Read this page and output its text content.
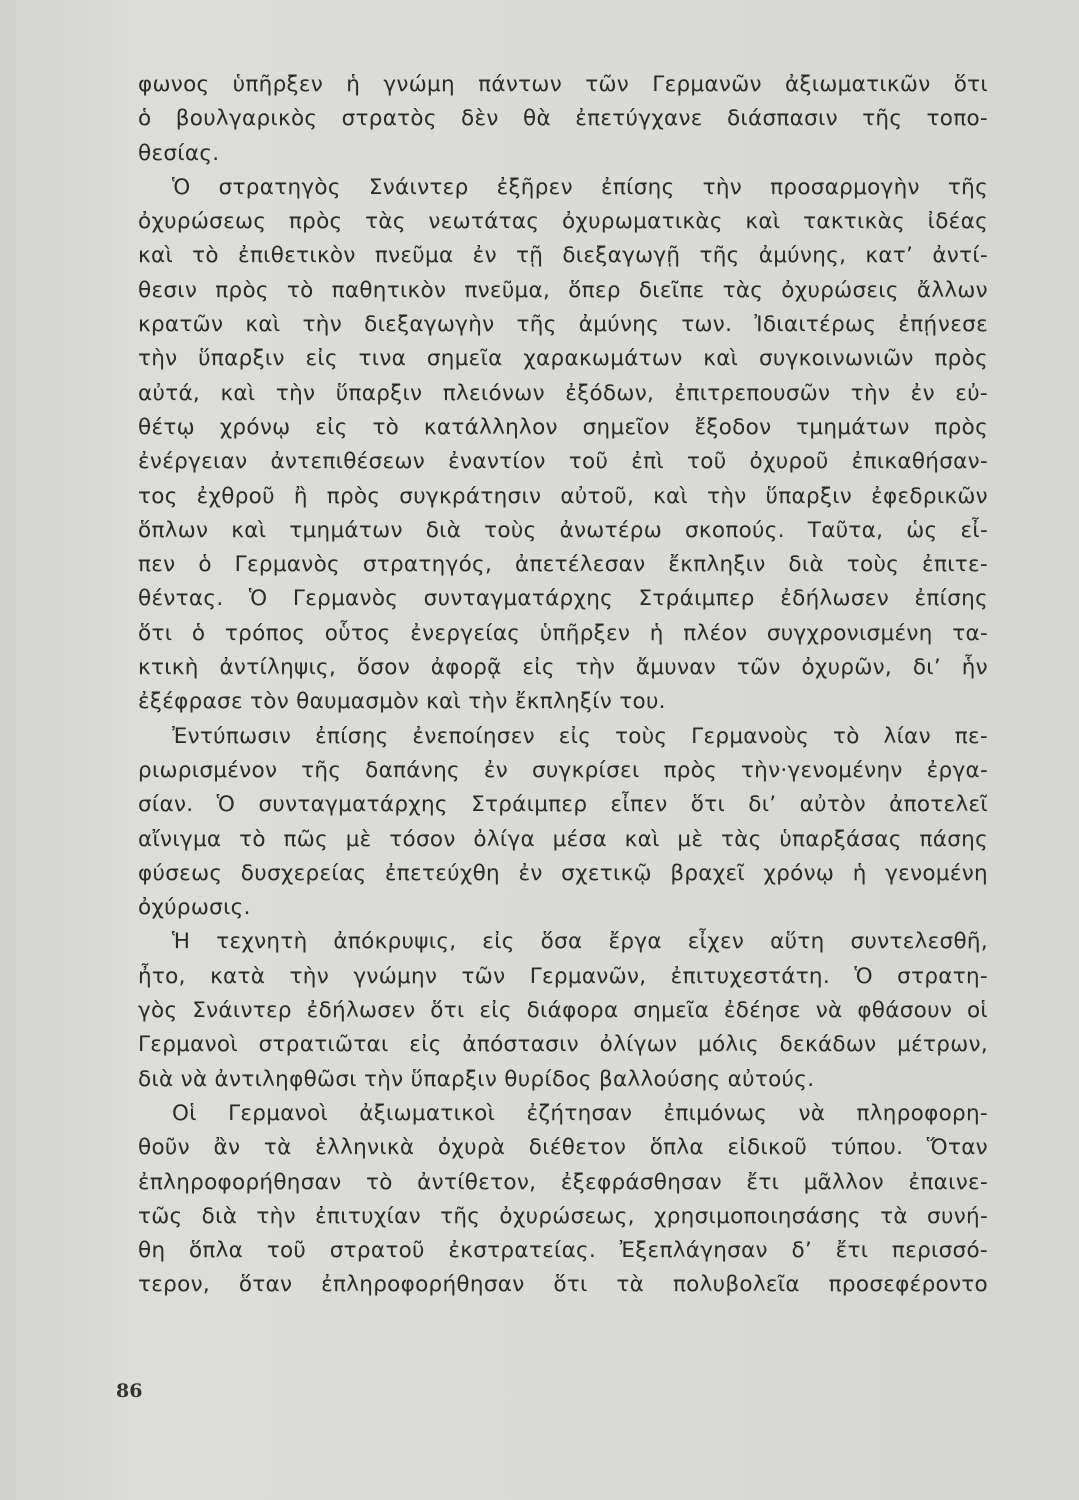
φωνος ὑπῆρξεν ἡ γνώμη πάντων τῶν Γερμανῶν ἀξιωματικῶν ὅτι
ὁ βουλγαρικὸς στρατὸς δὲν θὰ ἐπετύγχανε διάσπασιν τῆς τοπο-
θεσίας.
Ὁ στρατηγὸς Σνάιντερ ἐξῆρεν ἐπίσης τὴν προσαρμογὴν τῆς
ὀχυρώσεως πρὸς τὰς νεωτάτας ὀχυρωματικὰς καὶ τακτικὰς ἰδέας
καὶ τὸ ἐπιθετικὸν πνεῦμα ἐν τῇ διεξαγωγῇ τῆς ἀμύνης, κατ’ ἀντί-
θεσιν πρὸς τὸ παθητικὸν πνεῦμα, ὅπερ διεῖπε τὰς ὀχυρώσεις ἄλλων
κρατῶν καὶ τὴν διεξαγωγὴν τῆς ἀμύνης των. Ἰδιαιτέρως ἐπῄνεσε
τὴν ὕπαρξιν εἰς τινα σημεῖα χαρακωμάτων καὶ συγκοινωνιῶν πρὸς
αὐτά, καὶ τὴν ὕπαρξιν πλειόνων ἐξόδων, ἐπιτρεπουσῶν τὴν ἐν εὐ-
θέτῳ χρόνῳ εἰς τὸ κατάλληλον σημεῖον ἔξοδον τμημάτων πρὸς
ἐνέργειαν ἀντεπιθέσεων ἐναντίον τοῦ ἐπὶ τοῦ ὀχυροῦ ἐπικαθήσαν-
τος ἐχθροῦ ἢ πρὸς συγκράτησιν αὐτοῦ, καὶ τὴν ὕπαρξιν ἐφεδρικῶν
ὅπλων καὶ τμημάτων διὰ τοὺς ἀνωτέρω σκοπούς. Ταῦτα, ὡς εἶ-
πεν ὁ Γερμανὸς στρατηγός, ἀπετέλεσαν ἔκπληξιν διὰ τοὺς ἐπιτε-
θέντας. Ὁ Γερμανὸς συνταγματάρχης Στράιμπερ ἐδήλωσεν ἐπίσης
ὅτι ὁ τρόπος οὗτος ἐνεργείας ὑπῆρξεν ἡ πλέον συγχρονισμένη τα-
κτικὴ ἀντίληψις, ὅσον ἀφορᾷ εἰς τὴν ἄμυναν τῶν ὀχυρῶν, δι’ ἧν
ἐξέφρασε τὸν θαυμασμὸν καὶ τὴν ἔκπληξίν του.
Ἐντύπωσιν ἐπίσης ἐνεποίησεν εἰς τοὺς Γερμανοὺς τὸ λίαν πε-
ριωρισμένον τῆς δαπάνης ἐν συγκρίσει πρὸς τὴν·γενομένην ἐργα-
σίαν. Ὁ συνταγματάρχης Στράιμπερ εἶπεν ὅτι δι’ αὐτὸν ἀποτελεῖ
αἴνιγμα τὸ πῶς μὲ τόσον ὀλίγα μέσα καὶ μὲ τὰς ὑπαρξάσας πάσης
φύσεως δυσχερείας ἐπετεύχθη ἐν σχετικῷ βραχεῖ χρόνῳ ἡ γενομένη
ὀχύρωσις.
Ἡ τεχνητὴ ἀπόκρυψις, εἰς ὅσα ἔργα εἶχεν αὕτη συντελεσθῆ,
ἦτο, κατὰ τὴν γνώμην τῶν Γερμανῶν, ἐπιτυχεστάτη. Ὁ στρατη-
γὸς Σνάιντερ ἐδήλωσεν ὅτι εἰς διάφορα σημεῖα ἐδέησε νὰ φθάσουν οἱ
Γερμανοὶ στρατιῶται εἰς ἀπόστασιν ὀλίγων μόλις δεκάδων μέτρων,
διὰ νὰ ἀντιληφθῶσι τὴν ὕπαρξιν θυρίδος βαλλούσης αὐτούς.
Οἱ Γερμανοὶ ἀξιωματικοὶ ἐζήτησαν ἐπιμόνως νὰ πληροφορη-
θοῦν ἂν τὰ ἑλληνικὰ ὀχυρὰ διέθετον ὅπλα εἰδικοῦ τύπου. Ὅταν
ἐπληροφορήθησαν τὸ ἀντίθετον, ἐξεφράσθησαν ἔτι μᾶλλον ἐπαινε-
τῶς διὰ τὴν ἐπιτυχίαν τῆς ὀχυρώσεως, χρησιμοποιησάσης τὰ συνή-
θη ὅπλα τοῦ στρατοῦ ἐκστρατείας. Ἐξεπλάγησαν δ’ ἔτι περισσό-
τερον, ὅταν ἐπληροφορήθησαν ὅτι τὰ πολυβολεῖα προσεφέροντο
86
